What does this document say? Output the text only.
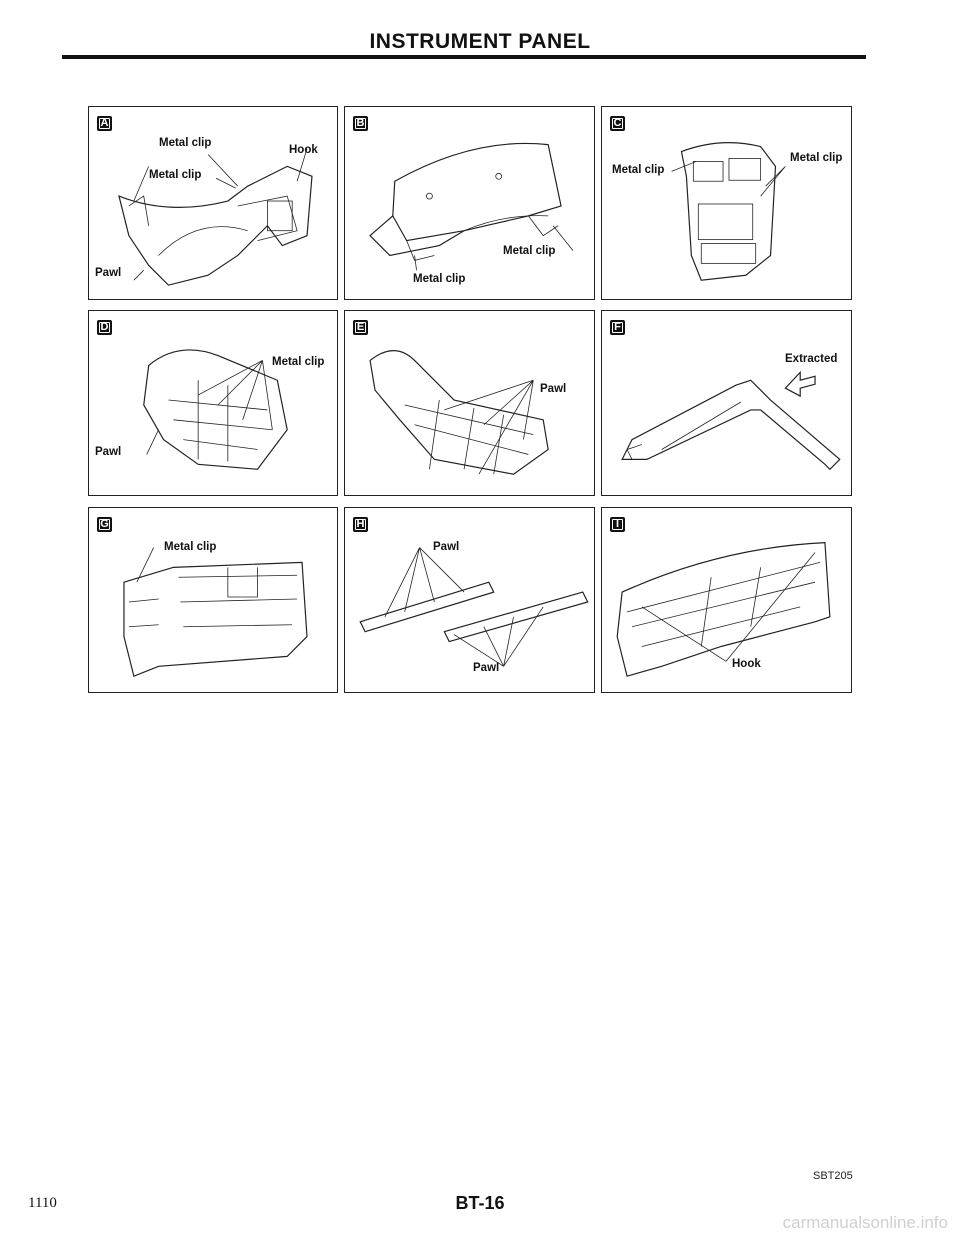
INSTRUMENT PANEL
A
Metal clip
Hook
Metal clip
Pawl
B
Metal clip
Metal clip
C
Metal clip
Metal clip
D
Metal clip
Pawl
E
Pawl
F
Extracted
G
Metal clip
H
Pawl
Pawl
I
Hook
SBT205
1110	BT-16
carmanualsonline.info
